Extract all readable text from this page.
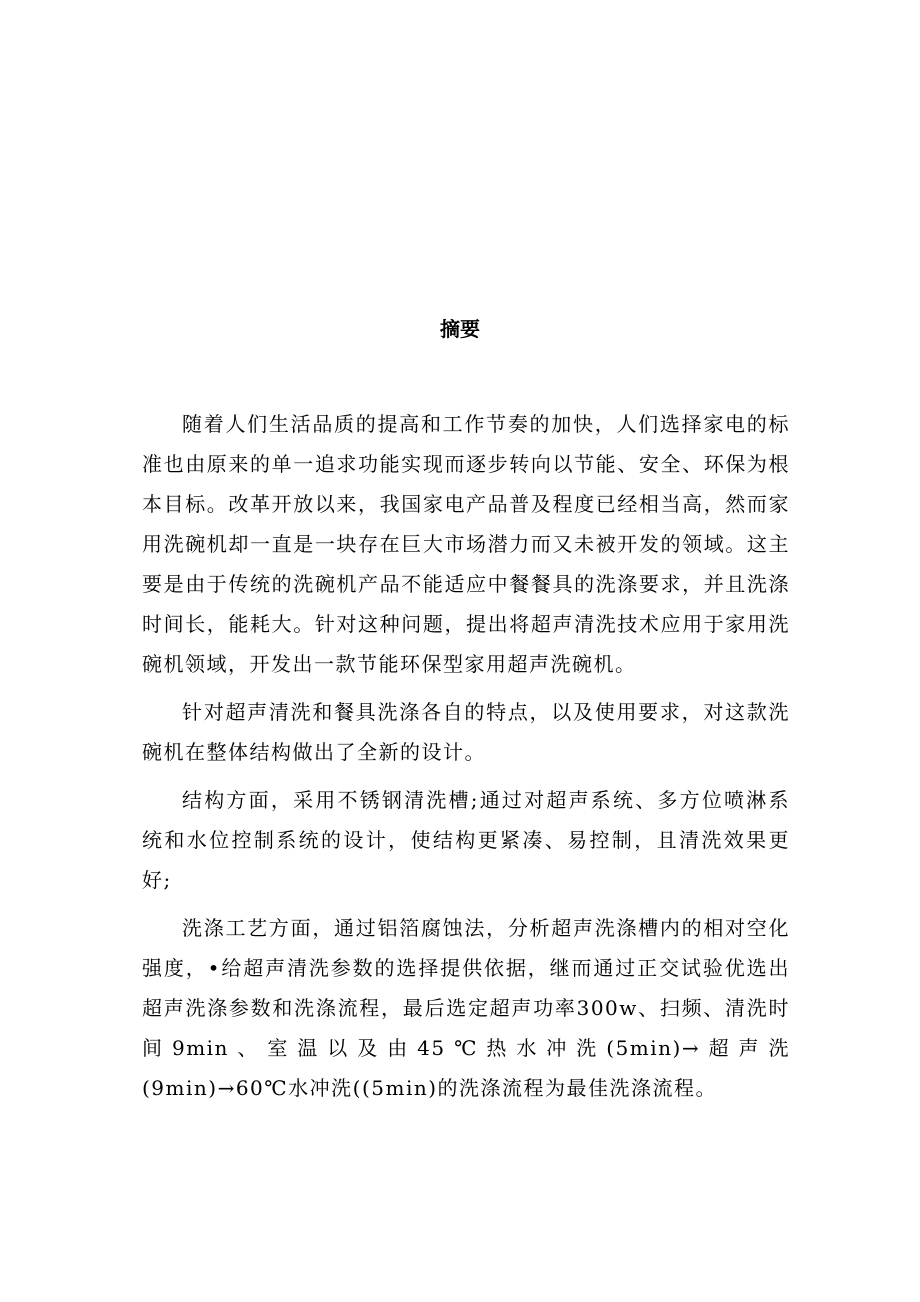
摘要

随着人们生活品质的提高和工作节奏的加快，人们选择家电的标准也由原来的单一追求功能实现而逐步转向以节能、安全、环保为根本目标。改革开放以来，我国家电产品普及程度已经相当高，然而家用洗碗机却一直是一块存在巨大市场潜力而又未被开发的领域。这主要是由于传统的洗碗机产品不能适应中餐餐具的洗涤要求，并且洗涤时间长，能耗大。针对这种问题，提出将超声清洗技术应用于家用洗碗机领域，开发出一款节能环保型家用超声洗碗机。

针对超声清洗和餐具洗涤各自的特点，以及使用要求，对这款洗碗机在整体结构做出了全新的设计。

结构方面，采用不锈钢清洗槽;通过对超声系统、多方位喷淋系统和水位控制系统的设计，使结构更紧凑、易控制，且清洗效果更好;

洗涤工艺方面，通过铝箔腐蚀法，分析超声洗涤槽内的相对空化强度，•给超声清洗参数的选择提供依据，继而通过正交试验优选出超声洗涤参数和洗涤流程，最后选定超声功率300w、扫频、清洗时间9min、室温以及由45℃热水冲洗(5min)→超声洗(9min)→60℃水冲洗((5min)的洗涤流程为最佳洗涤流程。
